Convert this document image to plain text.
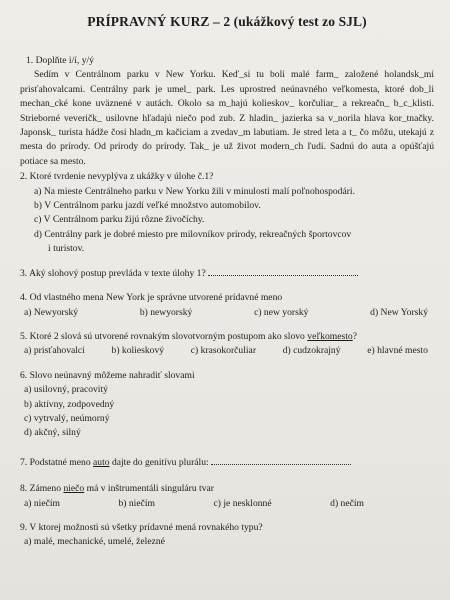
PRÍPRAVNÝ KURZ – 2 (ukážkový test zo SJL)
1. Doplňte i/í, y/ý

Sedím v Centrálnom parku v New Yorku. Keď_si tu boli malé farm_ založené holandsk_mi prisťahovalcami. Centrálny park je umel_ park. Les uprostred neúnavného veľkomesta, ktoré dob_li mechan_cké kone uväznené v autách. Okolo sa m_hajú kolieskov_ korčuliar_ a rekreačn_ b_c_klisti. Strieborné veveričk_ usilovne hľadajú niečo pod zub. Z hladin_ jazierka sa v_norila hlava kor_tnačky. Japonsk_ turista hádže čosi hladn_m kačiciam a zvedav_m labutiam. Je stred leta a t_ čo môžu, utekajú z mesta do prírody. Od prírody do prírody. Tak_ je už život modern_ch ľudí. Sadnú do auta a opúšťajú potiace sa mesto.

2. Ktoré tvrdenie nevyplýva z ukážky v úlohe č.1?
a) Na mieste Centrálneho parku v New Yorku žili v minulosti malí poľnohospodári.
b) V Centrálnom parku jazdí veľké množstvo automobilov.
c) V Centrálnom parku žijú rôzne živočíchy.
d) Centrálny park je dobré miesto pre milovníkov prírody, rekreačných športovcov
i turistov.
3. Aký slohový postup prevláda v texte úlohy 1?
4. Od vlastného mena New York je správne utvorené prídavné meno
a) Newyorský	b) newyorský	c) new yorský	d) New Yorský
5. Ktoré 2 slová sú utvorené rovnakým slovotvorným postupom ako slovo veľkomesto?
a) prisťahovalci	b) kolieskový	c) krasokorčuliar	d) cudzokrajný	e) hlavné mesto
6. Slovo neúnavný môžeme nahradiť slovami
a) usilovný, pracovitý
b) aktívny, zodpovedný
c) vytrvalý, neúmorný
d) akčný, silný
7. Podstatné meno auto dajte do genitívu plurálu:
8. Zámeno niečo má v inštrumentáli singuláru tvar
a) niečím	b) niečím	c) je nesklonné	d) nečím
9. V ktorej možnosti sú všetky prídavné mená rovnakého typu?
a) malé, mechanické, umelé, železné
